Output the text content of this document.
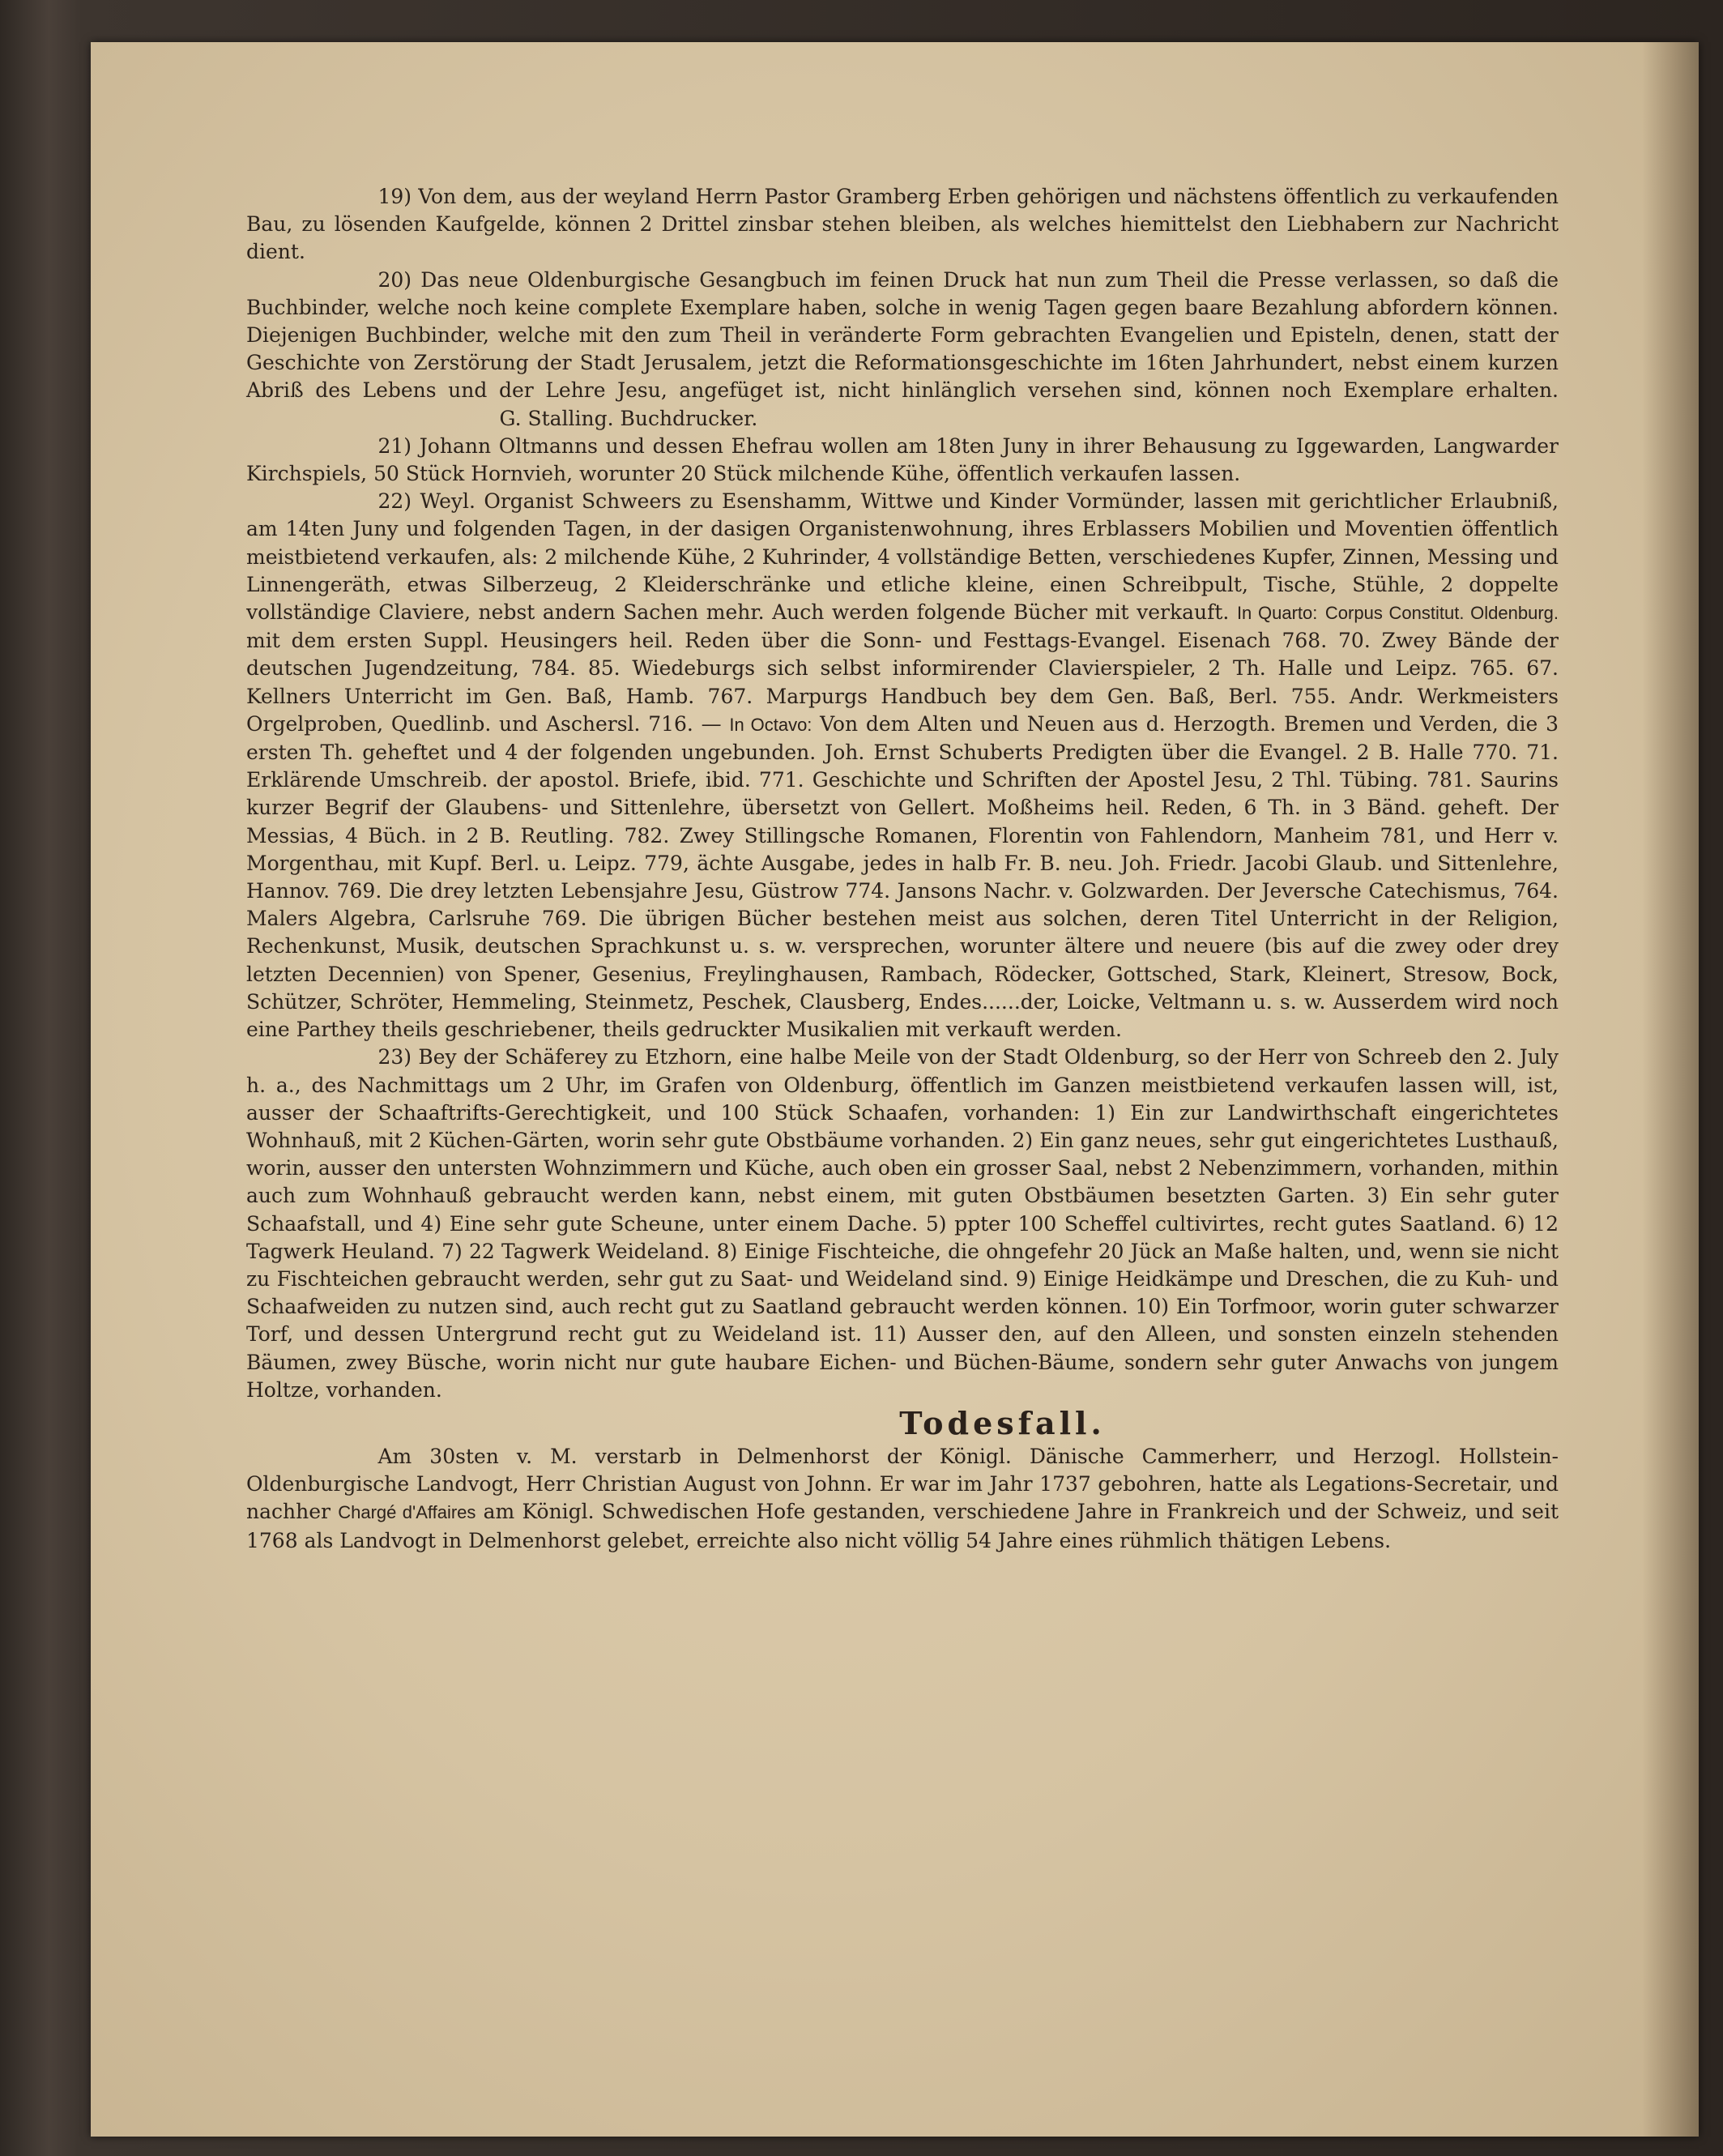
19) Von dem, aus der weyland Herrn Pastor Gramberg Erben gehörigen und nächstens öffentlich zu verkaufenden Bau, zu lösenden Kaufgelde, können 2 Drittel zinsbar stehen bleiben, als welches hiemittelst den Liebhabern zur Nachricht dient.

20) Das neue Oldenburgische Gesangbuch im feinen Druck hat nun zum Theil die Presse verlassen, so daß die Buchbinder, welche noch keine complete Exemplare haben, solche in wenig Tagen gegen baare Bezahlung abfordern können. Diejenigen Buchbinder, welche mit den zum Theil in veränderte Form gebrachten Evangelien und Episteln, denen, statt der Geschichte von Zerstörung der Stadt Jerusalem, jetzt die Reformationsgeschichte im 16ten Jahrhundert, nebst einem kurzen Abriß des Lebens und der Lehre Jesu, angefüget ist, nicht hinlänglich versehen sind, können noch Exemplare erhalten.G. Stalling. Buchdrucker.

21) Johann Oltmanns und dessen Ehefrau wollen am 18ten Juny in ihrer Behausung zu Iggewarden, Langwarder Kirchspiels, 50 Stück Hornvieh, worunter 20 Stück milchende Kühe, öffentlich verkaufen lassen.

22) Weyl. Organist Schweers zu Esenshamm, Wittwe und Kinder Vormünder, lassen mit gerichtlicher Erlaubniß, am 14ten Juny und folgenden Tagen, in der dasigen Organistenwohnung, ihres Erblassers Mobilien und Moventien öffentlich meistbietend verkaufen, als: 2 milchende Kühe, 2 Kuhrinder, 4 vollständige Betten, verschiedenes Kupfer, Zinnen, Messing und Linnengeräth, etwas Silberzeug, 2 Kleiderschränke und etliche kleine, einen Schreibpult, Tische, Stühle, 2 doppelte vollständige Claviere, nebst andern Sachen mehr. Auch werden folgende Bücher mit verkauft. In Quarto: Corpus Constitut. Oldenburg. mit dem ersten Suppl. Heusingers heil. Reden über die Sonn- und Festtags-Evangel. Eisenach 768. 70. Zwey Bände der deutschen Jugendzeitung, 784. 85. Wiedeburgs sich selbst informirender Clavierspieler, 2 Th. Halle und Leipz. 765. 67. Kellners Unterricht im Gen. Baß, Hamb. 767. Marpurgs Handbuch bey dem Gen. Baß, Berl. 755. Andr. Werkmeisters Orgelproben, Quedlinb. und Aschersl. 716. — In Octavo: Von dem Alten und Neuen aus d. Herzogth. Bremen und Verden, die 3 ersten Th. geheftet und 4 der folgenden ungebunden. Joh. Ernst Schuberts Predigten über die Evangel. 2 B. Halle 770. 71. Erklärende Umschreib. der apostol. Briefe, ibid. 771. Geschichte und Schriften der Apostel Jesu, 2 Thl. Tübing. 781. Saurins kurzer Begrif der Glaubens- und Sittenlehre, übersetzt von Gellert. Moßheims heil. Reden, 6 Th. in 3 Bänd. geheft. Der Messias, 4 Büch. in 2 B. Reutling. 782. Zwey Stillingsche Romanen, Florentin von Fahlendorn, Manheim 781, und Herr v. Morgenthau, mit Kupf. Berl. u. Leipz. 779, ächte Ausgabe, jedes in halb Fr. B. neu. Joh. Friedr. Jacobi Glaub. und Sittenlehre, Hannov. 769. Die drey letzten Lebensjahre Jesu, Güstrow 774. Jansons Nachr. v. Golzwarden. Der Jeversche Catechismus, 764. Malers Algebra, Carlsruhe 769. Die übrigen Bücher bestehen meist aus solchen, deren Titel Unterricht in der Religion, Rechenkunst, Musik, deutschen Sprachkunst u. s. w. versprechen, worunter ältere und neuere (bis auf die zwey oder drey letzten Decennien) von Spener, Gesenius, Freylinghausen, Rambach, Rödecker, Gottsched, Stark, Kleinert, Stresow, Bock, Schützer, Schröter, Hemmeling, Steinmetz, Peschek, Clausberg, Endes......der, Loicke, Veltmann u. s. w. Ausserdem wird noch eine Parthey theils geschriebener, theils gedruckter Musikalien mit verkauft werden.

23) Bey der Schäferey zu Etzhorn, eine halbe Meile von der Stadt Oldenburg, so der Herr von Schreeb den 2. July h. a., des Nachmittags um 2 Uhr, im Grafen von Oldenburg, öffentlich im Ganzen meistbietend verkaufen lassen will, ist, ausser der Schaaftrifts-Gerechtigkeit, und 100 Stück Schaafen, vorhanden: 1) Ein zur Landwirthschaft eingerichtetes Wohnhauß, mit 2 Küchen-Gärten, worin sehr gute Obstbäume vorhanden. 2) Ein ganz neues, sehr gut eingerichtetes Lusthauß, worin, ausser den untersten Wohnzimmern und Küche, auch oben ein grosser Saal, nebst 2 Nebenzimmern, vorhanden, mithin auch zum Wohnhauß gebraucht werden kann, nebst einem, mit guten Obstbäumen besetzten Garten. 3) Ein sehr guter Schaafstall, und 4) Eine sehr gute Scheune, unter einem Dache. 5) ppter 100 Scheffel cultivirtes, recht gutes Saatland. 6) 12 Tagwerk Heuland. 7) 22 Tagwerk Weideland. 8) Einige Fischteiche, die ohngefehr 20 Jück an Maße halten, und, wenn sie nicht zu Fischteichen gebraucht werden, sehr gut zu Saat- und Weideland sind. 9) Einige Heidkämpe und Dreschen, die zu Kuh- und Schaafweiden zu nutzen sind, auch recht gut zu Saatland gebraucht werden können. 10) Ein Torfmoor, worin guter schwarzer Torf, und dessen Untergrund recht gut zu Weideland ist. 11) Ausser den, auf den Alleen, und sonsten einzeln stehenden Bäumen, zwey Büsche, worin nicht nur gute haubare Eichen- und Büchen-Bäume, sondern sehr guter Anwachs von jungem Holtze, vorhanden.

Todesfall.

Am 30sten v. M. verstarb in Delmenhorst der Königl. Dänische Cammerherr, und Herzogl. Hollstein-Oldenburgische Landvogt, Herr Christian August von Johnn. Er war im Jahr 1737 gebohren, hatte als Legations-Secretair, und nachher Chargé d'Affaires am Königl. Schwedischen Hofe gestanden, verschiedene Jahre in Frankreich und der Schweiz, und seit 1768 als Landvogt in Delmenhorst gelebet, erreichte also nicht völlig 54 Jahre eines rühmlich thätigen Lebens.
